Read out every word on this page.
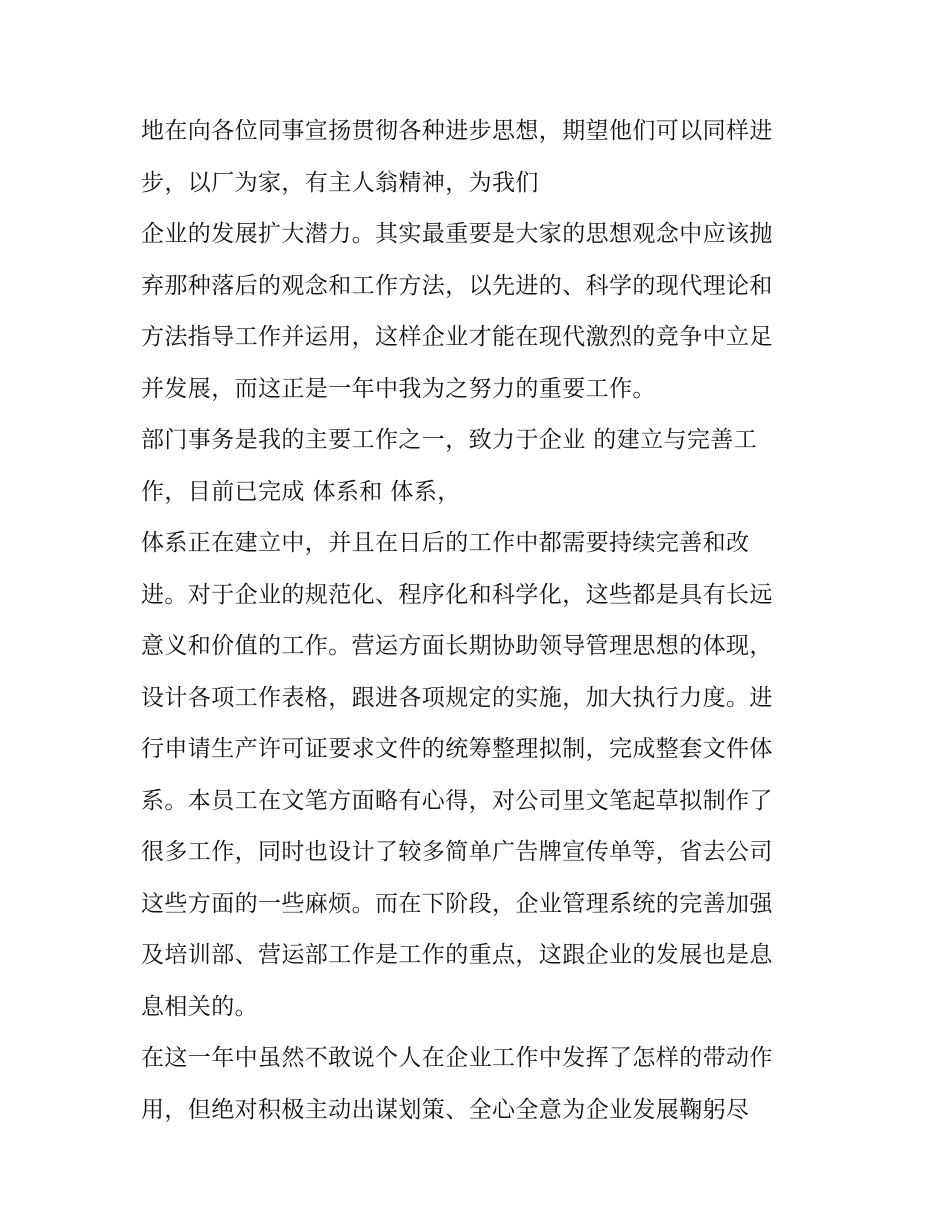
地在向各位同事宣扬贯彻各种进步思想，期望他们可以同样进
步，以厂为家，有主人翁精神，为我们
企业的发展扩大潜力。其实最重要是大家的思想观念中应该抛
弃那种落后的观念和工作方法，以先进的、科学的现代理论和
方法指导工作并运用，这样企业才能在现代激烈的竞争中立足
并发展，而这正是一年中我为之努力的重要工作。
部门事务是我的主要工作之一，致力于企业 的建立与完善工
作，目前已完成 体系和 体系，
体系正在建立中，并且在日后的工作中都需要持续完善和改
进。对于企业的规范化、程序化和科学化，这些都是具有长远
意义和价值的工作。营运方面长期协助领导管理思想的体现，
设计各项工作表格，跟进各项规定的实施，加大执行力度。进
行申请生产许可证要求文件的统筹整理拟制，完成整套文件体
系。本员工在文笔方面略有心得，对公司里文笔起草拟制作了
很多工作，同时也设计了较多简单广告牌宣传单等，省去公司
这些方面的一些麻烦。而在下阶段，企业管理系统的完善加强
及培训部、营运部工作是工作的重点，这跟企业的发展也是息
息相关的。
在这一年中虽然不敢说个人在企业工作中发挥了怎样的带动作
用，但绝对积极主动出谋划策、全心全意为企业发展鞠躬尽
